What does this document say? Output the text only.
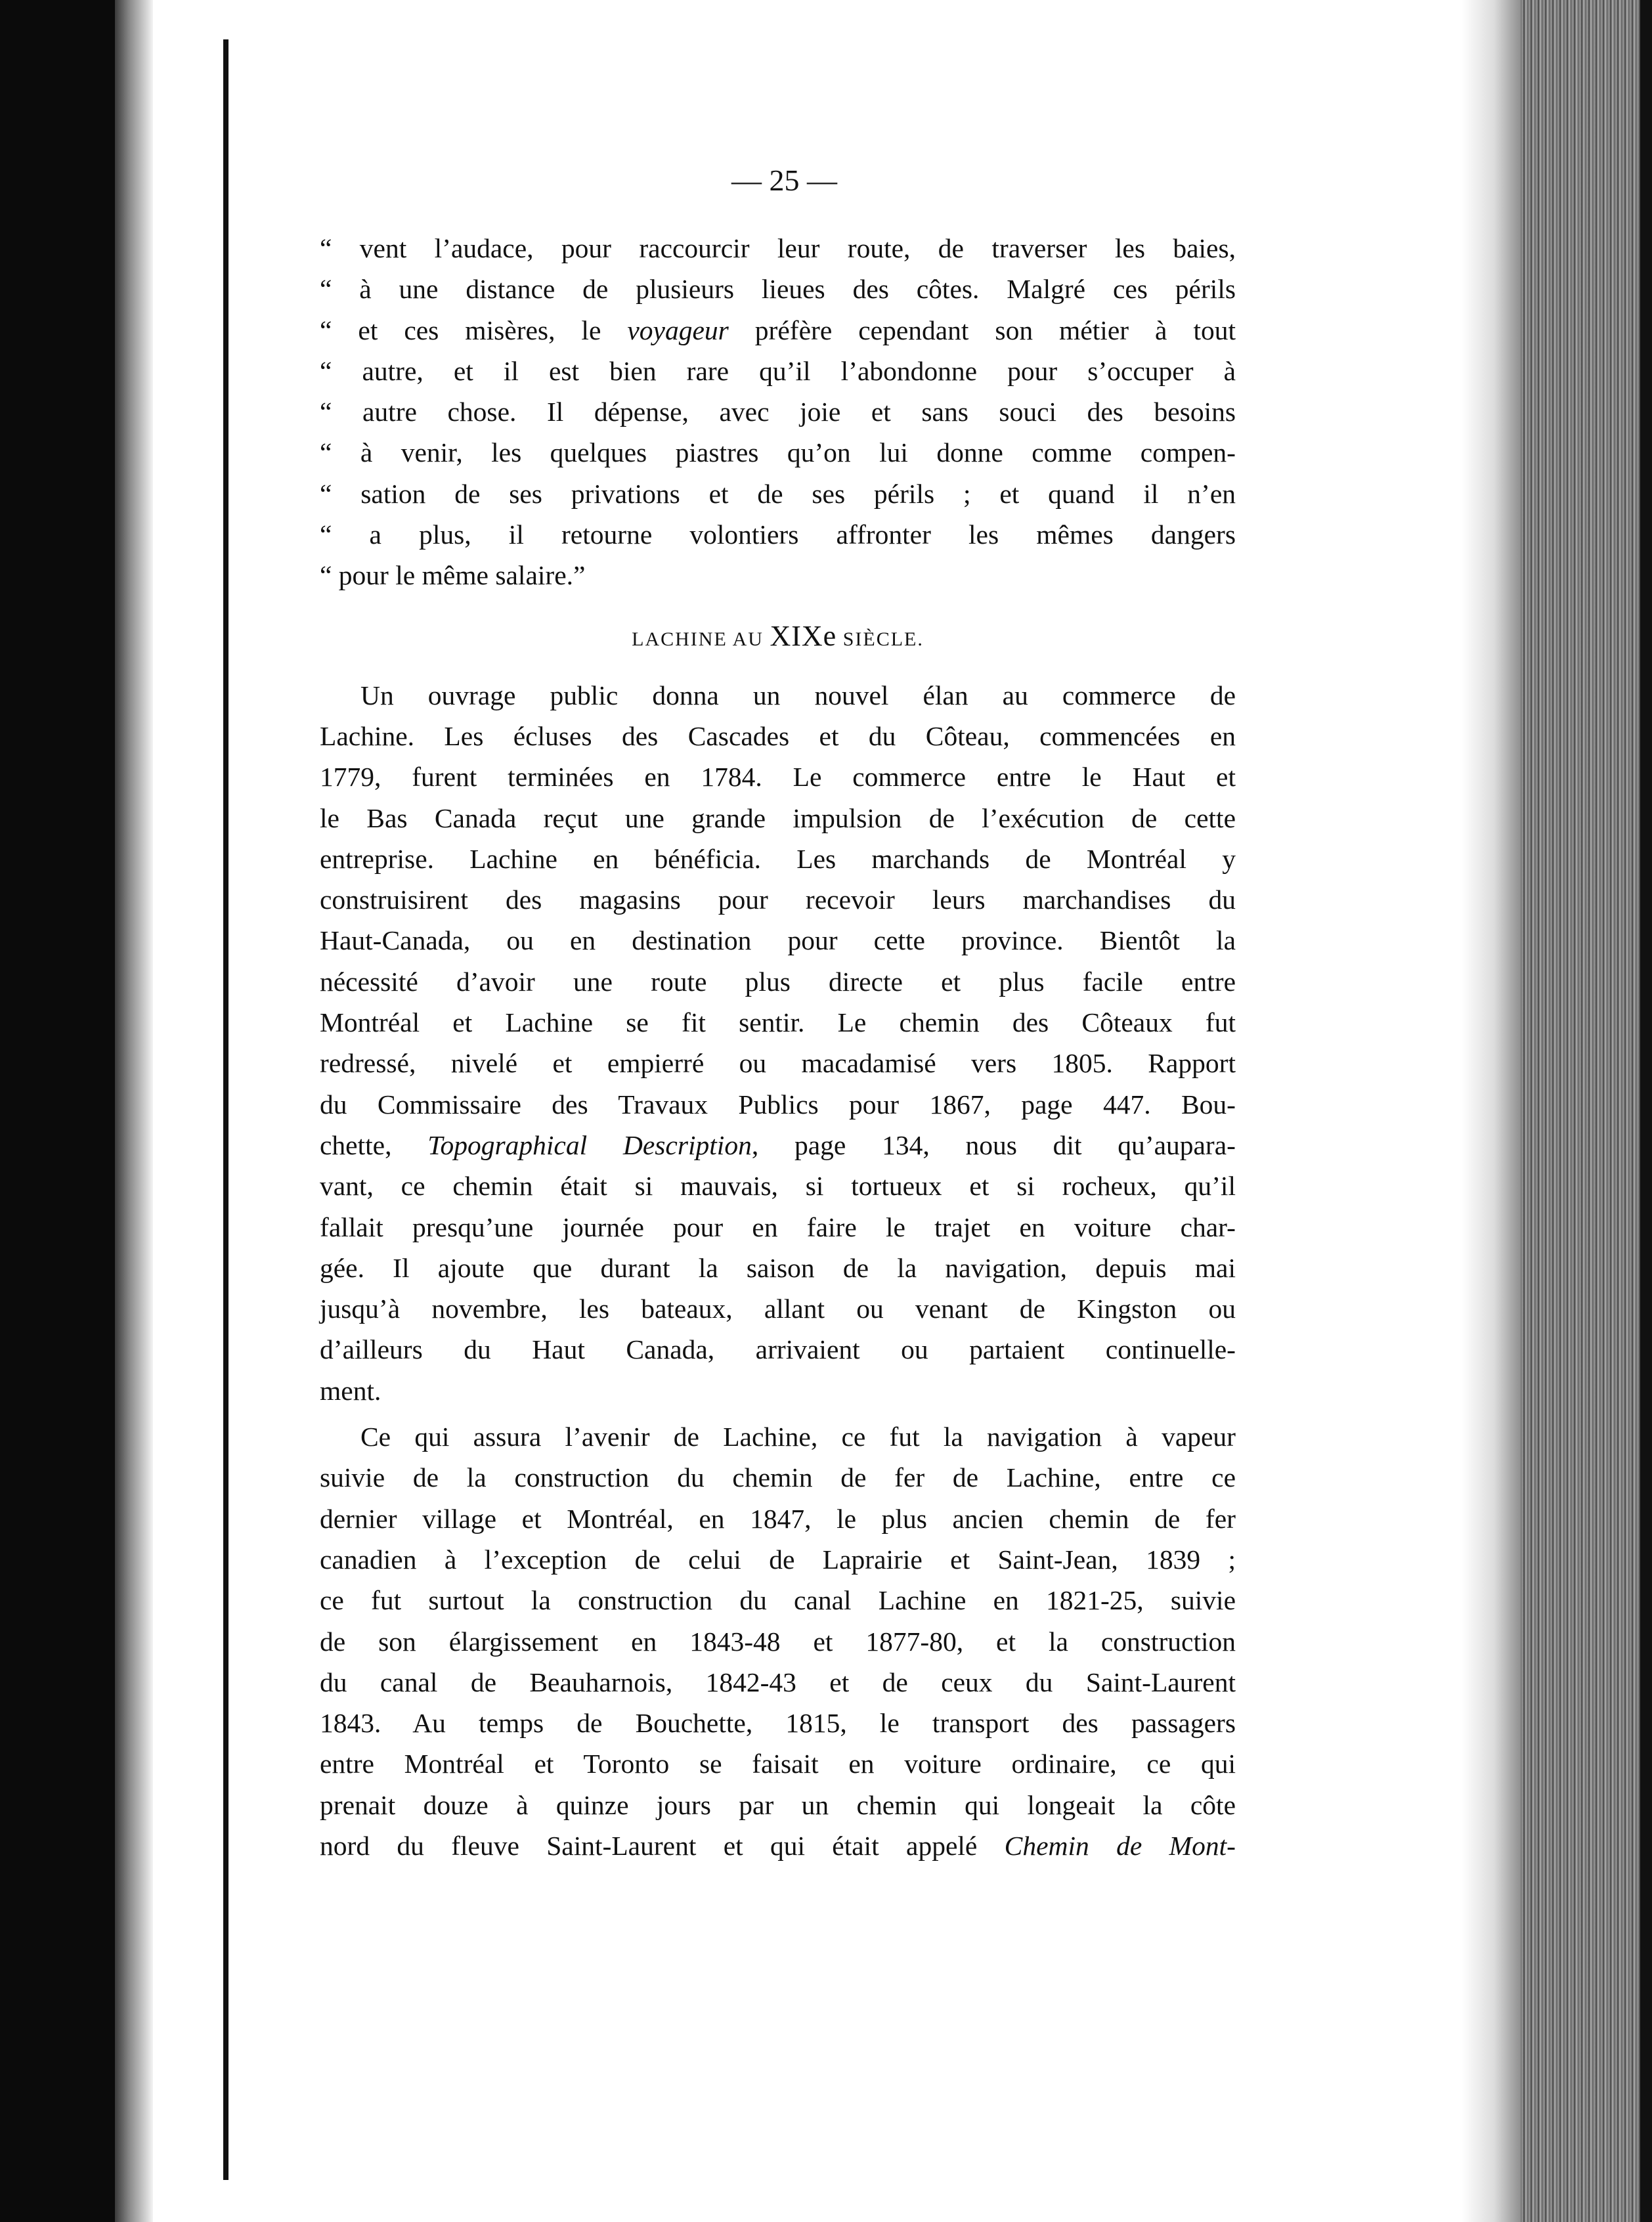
— 25 —
“ vent l’audace, pour raccourcir leur route, de traverser les baies,
“ à une distance de plusieurs lieues des côtes. Malgré ces périls
“ et ces misères, le voyageur préfère cependant son métier à tout
“ autre, et il est bien rare qu’il l’abondonne pour s’occuper à
“ autre chose. Il dépense, avec joie et sans souci des besoins
“ à venir, les quelques piastres qu’on lui donne comme compen-
“ sation de ses privations et de ses périls ; et quand il n’en
“ a plus, il retourne volontiers affronter les mêmes dangers
“ pour le même salaire.”
LACHINE AU XIXe SIÈCLE.
Un ouvrage public donna un nouvel élan au commerce de
Lachine. Les écluses des Cascades et du Côteau, commencées en
1779, furent terminées en 1784. Le commerce entre le Haut et
le Bas Canada reçut une grande impulsion de l’exécution de cette
entreprise. Lachine en bénéficia. Les marchands de Montréal y
construisirent des magasins pour recevoir leurs marchandises du
Haut-Canada, ou en destination pour cette province. Bientôt la
nécessité d’avoir une route plus directe et plus facile entre
Montréal et Lachine se fit sentir. Le chemin des Côteaux fut
redressé, nivelé et empierré ou macadamisé vers 1805. Rapport
du Commissaire des Travaux Publics pour 1867, page 447. Bou-
chette, Topographical Description, page 134, nous dit qu’aupara-
vant, ce chemin était si mauvais, si tortueux et si rocheux, qu’il
fallait presqu’une journée pour en faire le trajet en voiture char-
gée. Il ajoute que durant la saison de la navigation, depuis mai
jusqu’à novembre, les bateaux, allant ou venant de Kingston ou
d’ailleurs du Haut Canada, arrivaient ou partaient continuelle-
ment.
Ce qui assura l’avenir de Lachine, ce fut la navigation à vapeur
suivie de la construction du chemin de fer de Lachine, entre ce
dernier village et Montréal, en 1847, le plus ancien chemin de fer
canadien à l’exception de celui de Laprairie et Saint-Jean, 1839 ;
ce fut surtout la construction du canal Lachine en 1821-25, suivie
de son élargissement en 1843-48 et 1877-80, et la construction
du canal de Beauharnois, 1842-43 et de ceux du Saint-Laurent
1843. Au temps de Bouchette, 1815, le transport des passagers
entre Montréal et Toronto se faisait en voiture ordinaire, ce qui
prenait douze à quinze jours par un chemin qui longeait la côte
nord du fleuve Saint-Laurent et qui était appelé Chemin de Mont-
